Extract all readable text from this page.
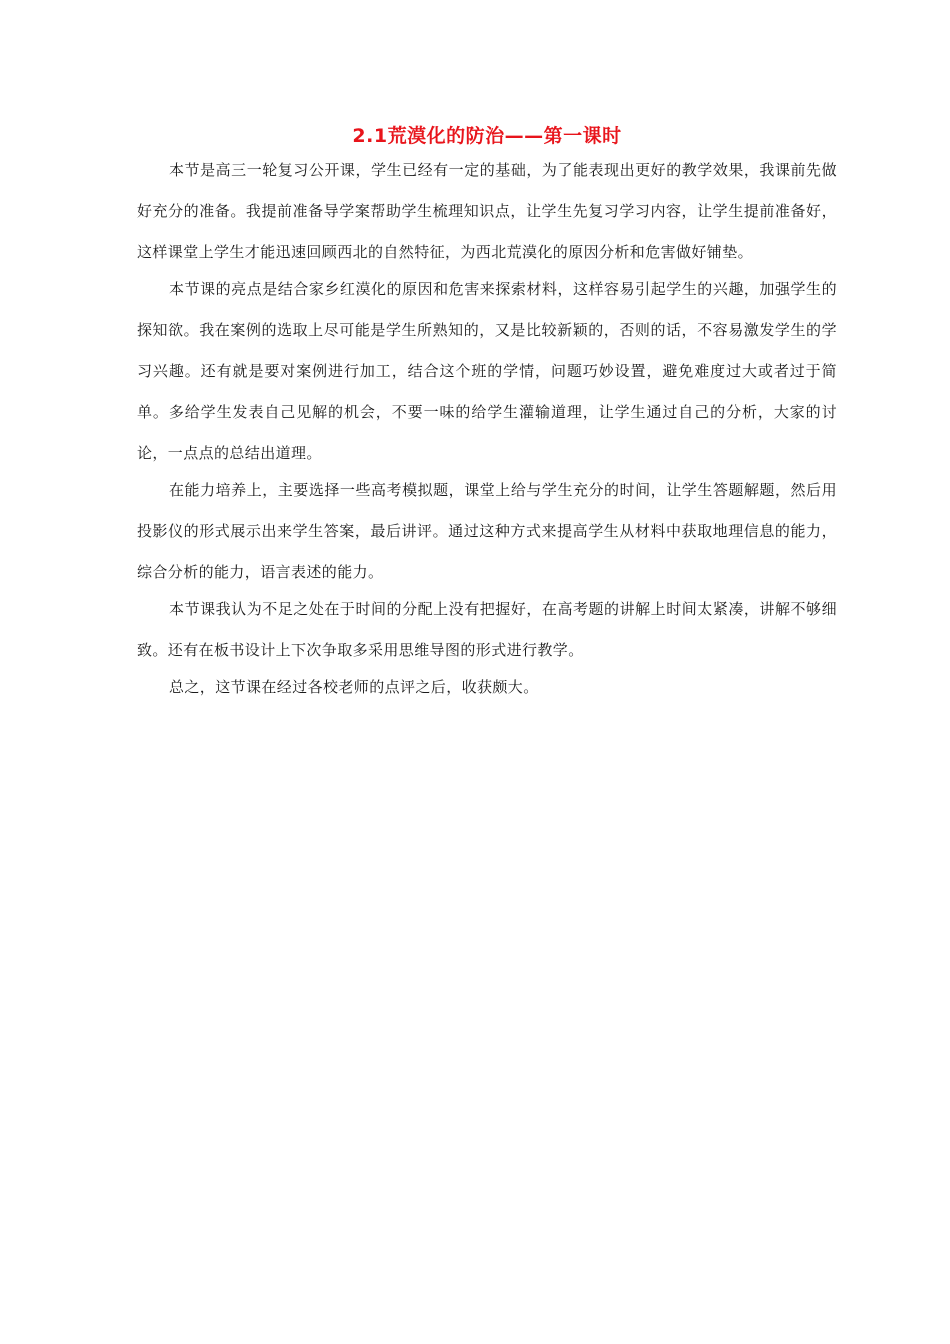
2.1荒漠化的防治——第一课时

本节是高三一轮复习公开课，学生已经有一定的基础，为了能表现出更好的教学效果，我课前先做好充分的准备。我提前准备导学案帮助学生梳理知识点，让学生先复习学习内容，让学生提前准备好，这样课堂上学生才能迅速回顾西北的自然特征，为西北荒漠化的原因分析和危害做好铺垫。

本节课的亮点是结合家乡红漠化的原因和危害来探索材料，这样容易引起学生的兴趣，加强学生的探知欲。我在案例的选取上尽可能是学生所熟知的，又是比较新颖的，否则的话，不容易激发学生的学习兴趣。还有就是要对案例进行加工，结合这个班的学情，问题巧妙设置，避免难度过大或者过于简单。多给学生发表自己见解的机会，不要一味的给学生灌输道理，让学生通过自己的分析，大家的讨论，一点点的总结出道理。

在能力培养上，主要选择一些高考模拟题，课堂上给与学生充分的时间，让学生答题解题，然后用投影仪的形式展示出来学生答案，最后讲评。通过这种方式来提高学生从材料中获取地理信息的能力，综合分析的能力，语言表述的能力。

本节课我认为不足之处在于时间的分配上没有把握好，在高考题的讲解上时间太紧凑，讲解不够细致。还有在板书设计上下次争取多采用思维导图的形式进行教学。

总之，这节课在经过各校老师的点评之后，收获颇大。
